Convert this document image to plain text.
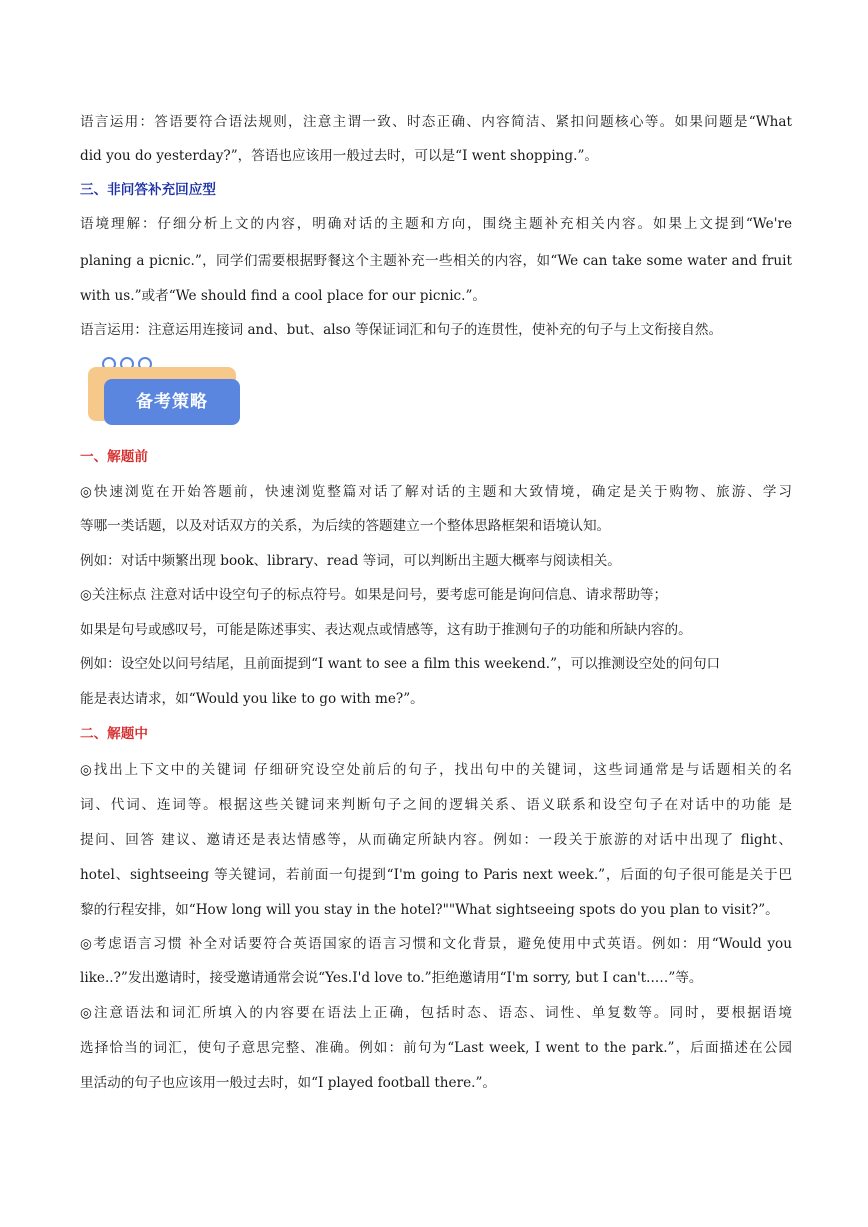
语言运用：答语要符合语法规则，注意主谓一致、时态正确、内容简洁、紧扣问题核心等。如果问题是“What
did you do yesterday?”，答语也应该用一般过去时，可以是“I went shopping.”。
三、非问答补充回应型
语境理解：仔细分析上文的内容，明确对话的主题和方向，围绕主题补充相关内容。如果上文提到“We're
planing a picnic.”，同学们需要根据野餐这个主题补充一些相关的内容，如“We can take some water and fruit
with us.”或者“We should find a cool place for our picnic.”。
语言运用：注意运用连接词 and、but、also 等保证词汇和句子的连贯性，使补充的句子与上文衔接自然。
一、解题前
◎快速浏览在开始答题前，快速浏览整篇对话了解对话的主题和大致情境，确定是关于购物、旅游、学习
等哪一类话题，以及对话双方的关系，为后续的答题建立一个整体思路框架和语境认知。
例如：对话中频繁出现 book、library、read 等词，可以判断出主题大概率与阅读相关。
◎关注标点 注意对话中设空句子的标点符号。如果是问号，要考虑可能是询问信息、请求帮助等；
如果是句号或感叹号，可能是陈述事实、表达观点或情感等，这有助于推测句子的功能和所缺内容的。
例如：设空处以问号结尾，且前面提到“I want to see a film this weekend.”，可以推测设空处的问句口
能是表达请求，如“Would you like to go with me?”。
二、解题中
◎找出上下文中的关键词 仔细研究设空处前后的句子，找出句中的关键词，这些词通常是与话题相关的名
词、代词、连词等。根据这些关键词来判断句子之间的逻辑关系、语义联系和设空句子在对话中的功能 是
提问、回答 建议、邀请还是表达情感等，从而确定所缺内容。例如：一段关于旅游的对话中出现了 flight、
hotel、sightseeing 等关键词，若前面一句提到“I'm going to Paris next week.”，后面的句子很可能是关于巴
黎的行程安排，如“How long will you stay in the hotel?""What sightseeing spots do you plan to visit?”。
◎考虑语言习惯 补全对话要符合英语国家的语言习惯和文化背景，避免使用中式英语。例如：用“Would you
like..?”发出邀请时，接受邀请通常会说“Yes.I'd love to.”拒绝邀请用“I'm sorry, but I can't..…”等。
◎注意语法和词汇所填入的内容要在语法上正确，包括时态、语态、词性、单复数等。同时，要根据语境
选择恰当的词汇，使句子意思完整、准确。例如：前句为“Last week, I went to the park.”，后面描述在公园
里活动的句子也应该用一般过去时，如“I played football there.”。
备考策略
